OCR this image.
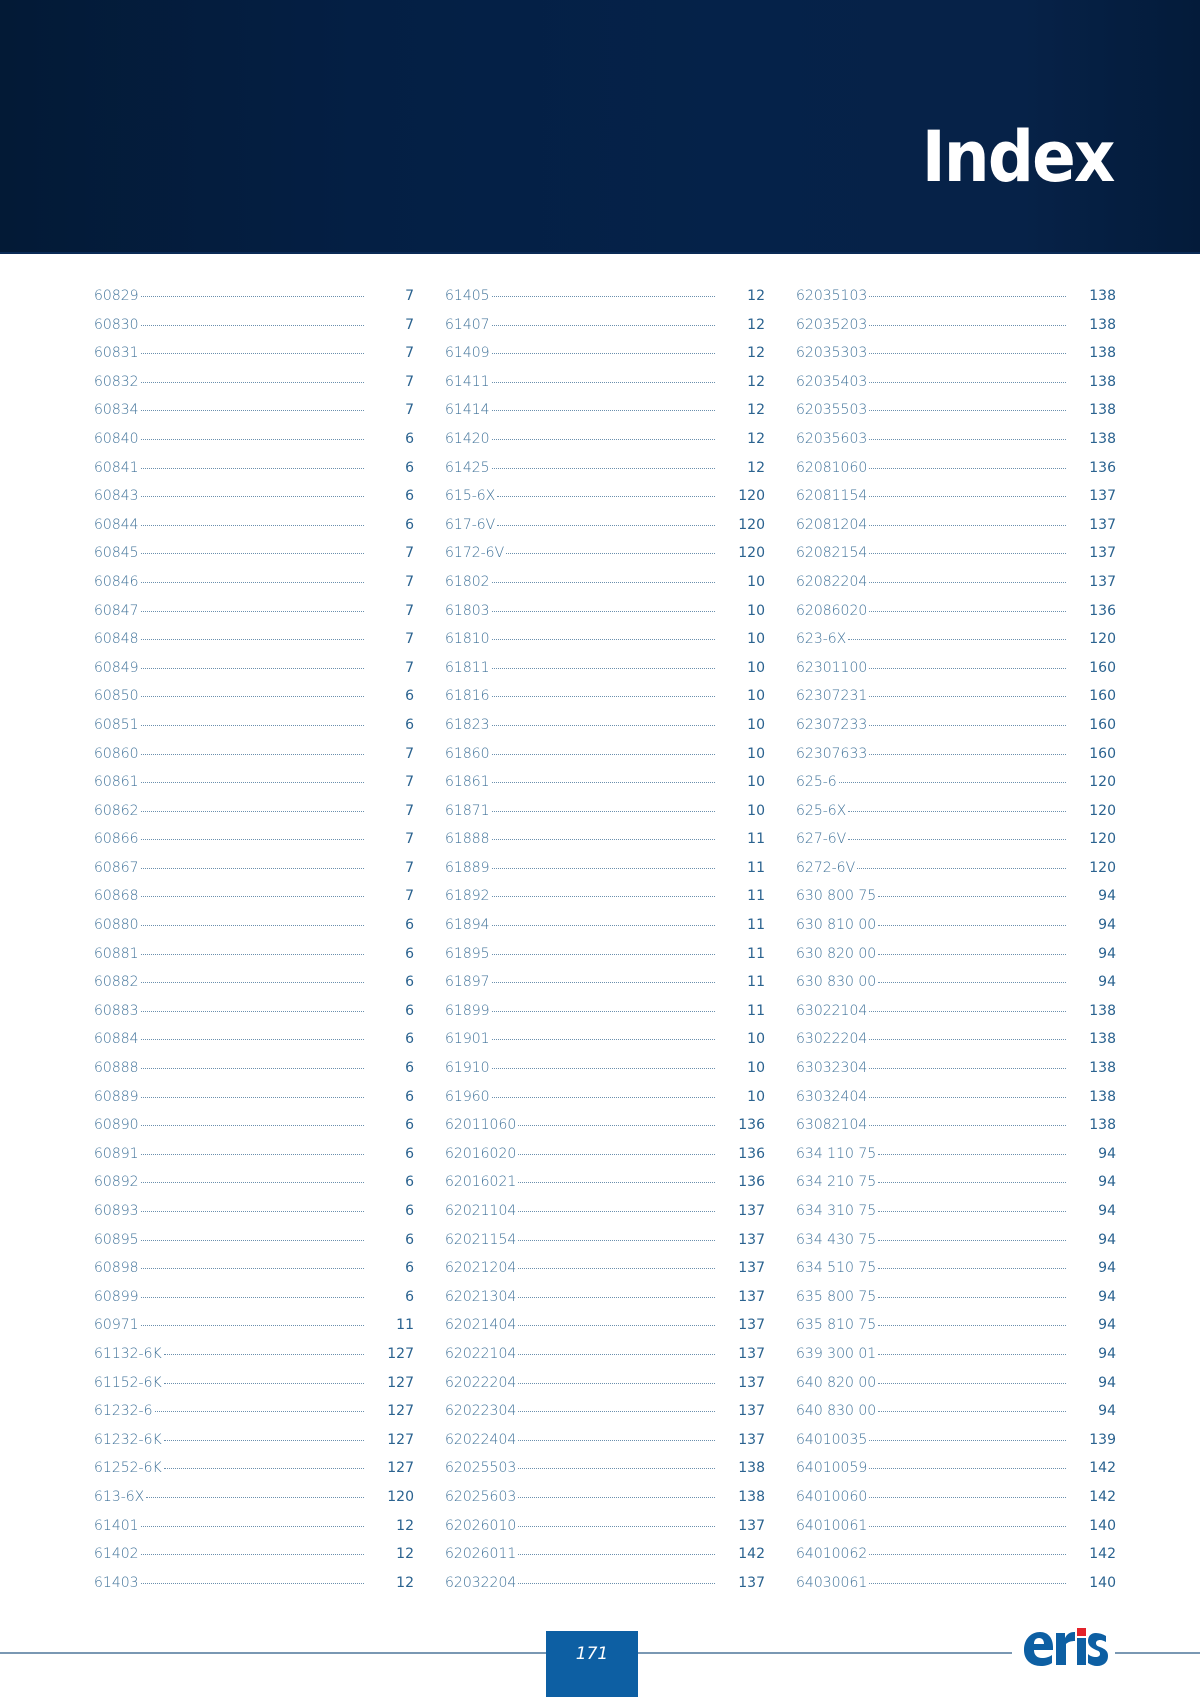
Index
60829	7
60830	7
60831	7
60832	7
60834	7
60840	6
60841	6
60843	6
60844	6
60845	7
60846	7
60847	7
60848	7
60849	7
60850	6
60851	6
60860	7
60861	7
60862	7
60866	7
60867	7
60868	7
60880	6
60881	6
60882	6
60883	6
60884	6
60888	6
60889	6
60890	6
60891	6
60892	6
60893	6
60895	6
60898	6
60899	6
60971	11
61132-6K	127
61152-6K	127
61232-6	127
61232-6K	127
61252-6K	127
613-6X	120
61401	12
61402	12
61403	12
61405	12
61407	12
61409	12
61411	12
61414	12
61420	12
61425	12
615-6X	120
617-6V	120
6172-6V	120
61802	10
61803	10
61810	10
61811	10
61816	10
61823	10
61860	10
61861	10
61871	10
61888	11
61889	11
61892	11
61894	11
61895	11
61897	11
61899	11
61901	10
61910	10
61960	10
62011060	136
62016020	136
62016021	136
62021104	137
62021154	137
62021204	137
62021304	137
62021404	137
62022104	137
62022204	137
62022304	137
62022404	137
62025503	138
62025603	138
62026010	137
62026011	142
62032204	137
62035103	138
62035203	138
62035303	138
62035403	138
62035503	138
62035603	138
62081060	136
62081154	137
62081204	137
62082154	137
62082204	137
62086020	136
623-6X	120
62301100	160
62307231	160
62307233	160
62307633	160
625-6	120
625-6X	120
627-6V	120
6272-6V	120
630 800 75	94
630 810 00	94
630 820 00	94
630 830 00	94
63022104	138
63022204	138
63032304	138
63032404	138
63082104	138
634 110 75	94
634 210 75	94
634 310 75	94
634 430 75	94
634 510 75	94
635 800 75	94
635 810 75	94
639 300 01	94
640 820 00	94
640 830 00	94
64010035	139
64010059	142
64010060	142
64010061	140
64010062	142
64030061	140
171
